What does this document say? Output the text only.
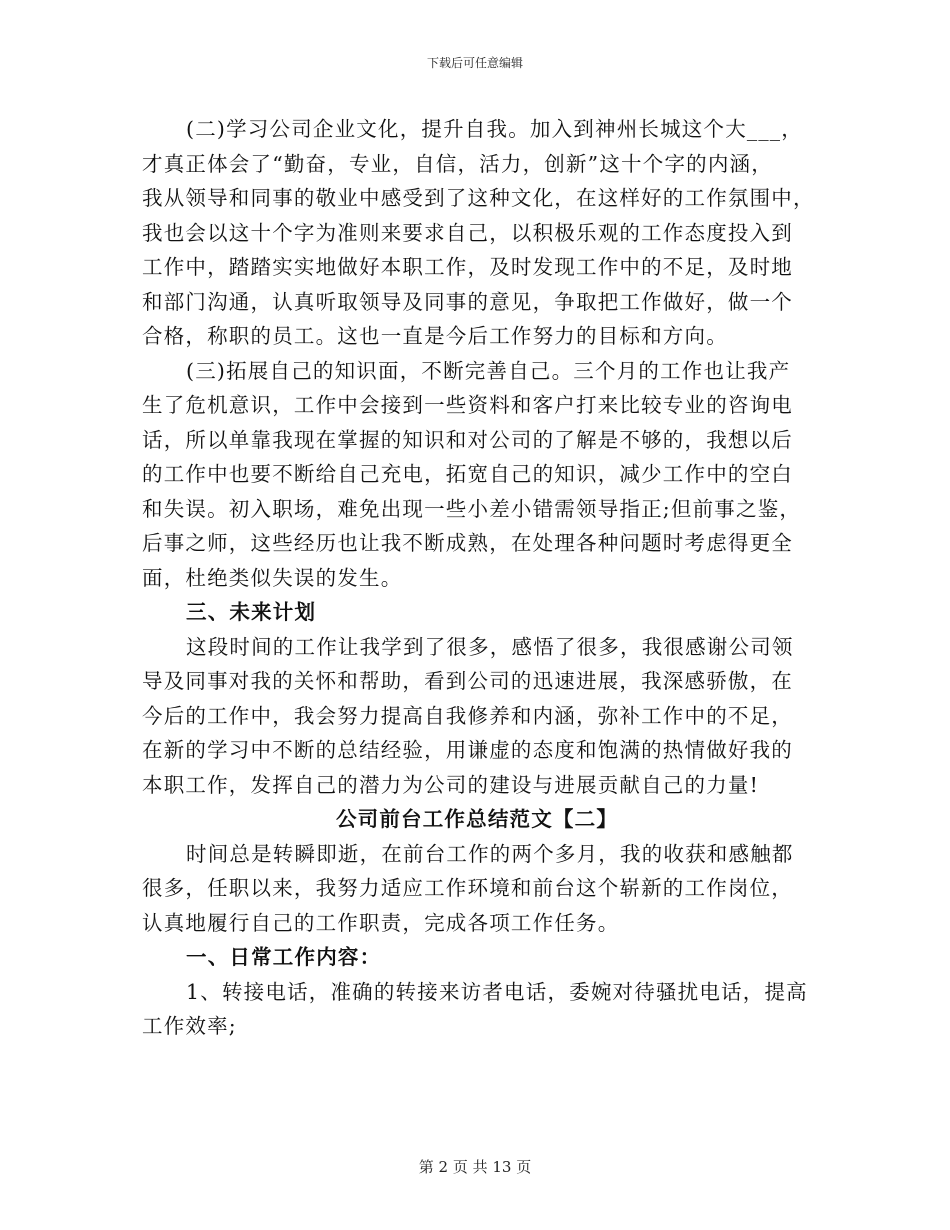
下载后可任意编辑
(二)学习公司企业文化，提升自我。加入到神州长城这个大___，
才真正体会了“勤奋，专业，自信，活力，创新”这十个字的内涵，
我从领导和同事的敬业中感受到了这种文化，在这样好的工作氛围中，
我也会以这十个字为准则来要求自己，以积极乐观的工作态度投入到
工作中，踏踏实实地做好本职工作，及时发现工作中的不足，及时地
和部门沟通，认真听取领导及同事的意见，争取把工作做好，做一个
合格，称职的员工。这也一直是今后工作努力的目标和方向。
(三)拓展自己的知识面，不断完善自己。三个月的工作也让我产
生了危机意识，工作中会接到一些资料和客户打来比较专业的咨询电
话，所以单靠我现在掌握的知识和对公司的了解是不够的，我想以后
的工作中也要不断给自己充电，拓宽自己的知识，减少工作中的空白
和失误。初入职场，难免出现一些小差小错需领导指正;但前事之鉴，
后事之师，这些经历也让我不断成熟，在处理各种问题时考虑得更全
面，杜绝类似失误的发生。
三、未来计划
这段时间的工作让我学到了很多，感悟了很多，我很感谢公司领
导及同事对我的关怀和帮助，看到公司的迅速进展，我深感骄傲，在
今后的工作中，我会努力提高自我修养和内涵，弥补工作中的不足，
在新的学习中不断的总结经验，用谦虚的态度和饱满的热情做好我的
本职工作，发挥自己的潜力为公司的建设与进展贡献自己的力量!
公司前台工作总结范文【二】
时间总是转瞬即逝，在前台工作的两个多月，我的收获和感触都
很多，任职以来，我努力适应工作环境和前台这个崭新的工作岗位，
认真地履行自己的工作职责，完成各项工作任务。
一、日常工作内容：
1、转接电话，准确的转接来访者电话，委婉对待骚扰电话，提高
工作效率;
第 2 页 共 13 页
